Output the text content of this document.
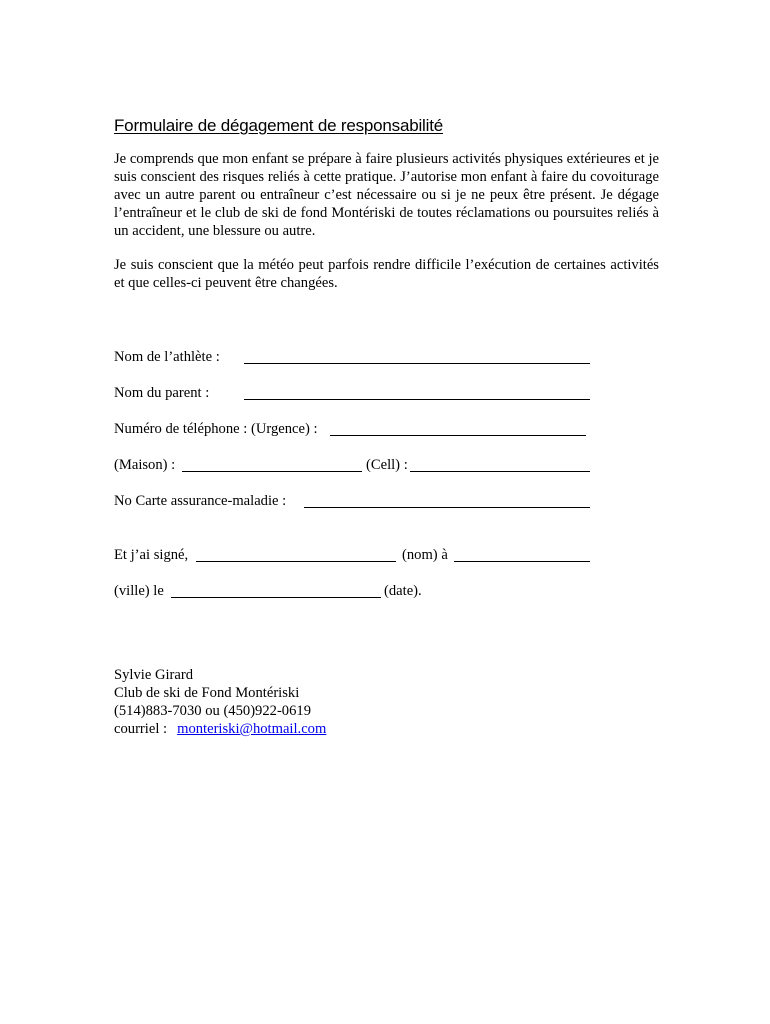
Formulaire de dégagement de responsabilité

Je comprends que mon enfant se prépare à faire plusieurs activités physiques extérieures et je suis conscient des risques reliés à cette pratique. J’autorise mon enfant à faire du covoiturage avec un autre parent ou entraîneur c’est nécessaire ou si je ne peux être présent. Je dégage l’entraîneur et le club de ski de fond Montériski de toutes réclamations ou poursuites reliés à un accident, une blessure ou autre.

Je suis conscient que la météo peut parfois rendre difficile l’exécution de certaines activités et que celles-ci peuvent être changées.

Nom de l’athlète :
Nom du parent :
Numéro de téléphone : (Urgence) :
(Maison) :	(Cell) :
No Carte assurance-maladie :
Et j’ai signé,	(nom) à
(ville) le	(date).
Sylvie Girard
Club de ski de Fond Montériski
(514)883-7030 ou (450)922-0619
courriel : monteriski@hotmail.com
